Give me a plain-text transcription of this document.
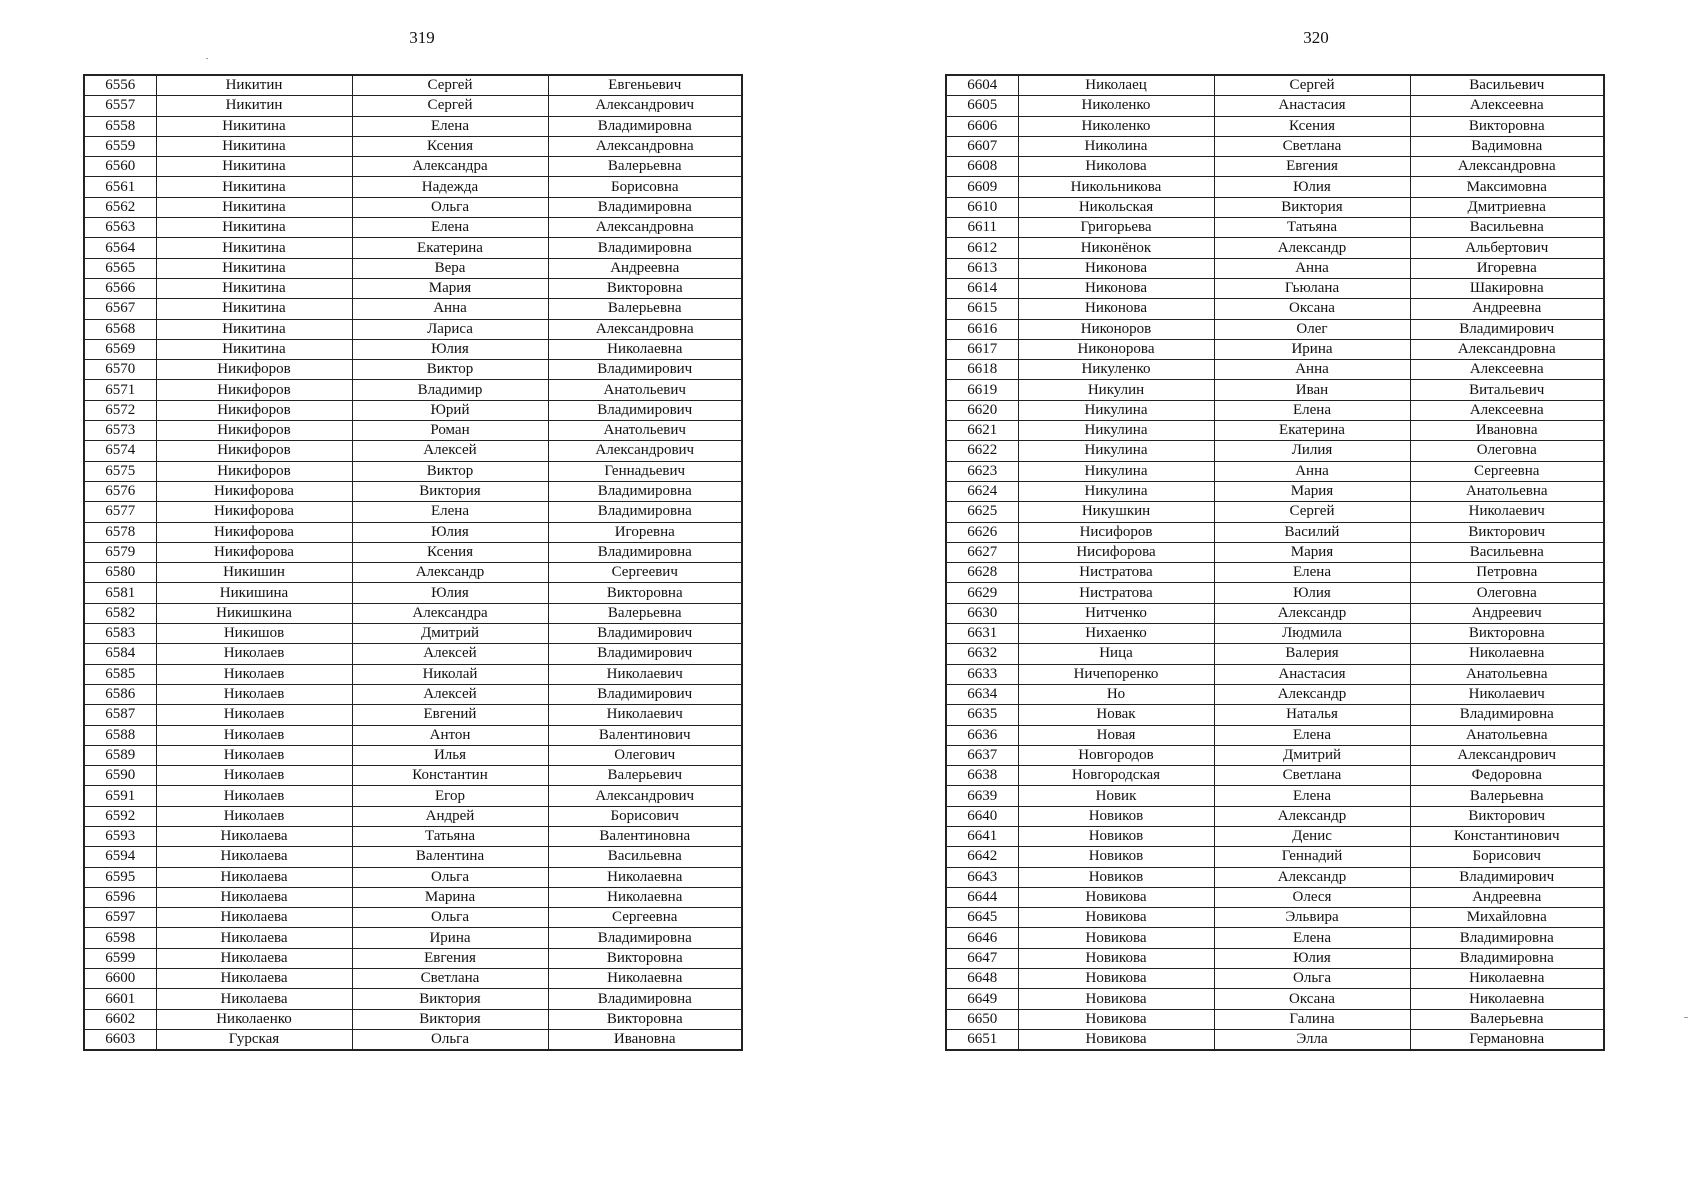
319	320
6556	Никитин	Сергей	Евгеньевич
6557	Никитин	Сергей	Александрович
6558	Никитина	Елена	Владимировна
6559	Никитина	Ксения	Александровна
6560	Никитина	Александра	Валерьевна
6561	Никитина	Надежда	Борисовна
6562	Никитина	Ольга	Владимировна
6563	Никитина	Елена	Александровна
6564	Никитина	Екатерина	Владимировна
6565	Никитина	Вера	Андреевна
6566	Никитина	Мария	Викторовна
6567	Никитина	Анна	Валерьевна
6568	Никитина	Лариса	Александровна
6569	Никитина	Юлия	Николаевна
6570	Никифоров	Виктор	Владимирович
6571	Никифоров	Владимир	Анатольевич
6572	Никифоров	Юрий	Владимирович
6573	Никифоров	Роман	Анатольевич
6574	Никифоров	Алексей	Александрович
6575	Никифоров	Виктор	Геннадьевич
6576	Никифорова	Виктория	Владимировна
6577	Никифорова	Елена	Владимировна
6578	Никифорова	Юлия	Игоревна
6579	Никифорова	Ксения	Владимировна
6580	Никишин	Александр	Сергеевич
6581	Никишина	Юлия	Викторовна
6582	Никишкина	Александра	Валерьевна
6583	Никишов	Дмитрий	Владимирович
6584	Николаев	Алексей	Владимирович
6585	Николаев	Николай	Николаевич
6586	Николаев	Алексей	Владимирович
6587	Николаев	Евгений	Николаевич
6588	Николаев	Антон	Валентинович
6589	Николаев	Илья	Олегович
6590	Николаев	Константин	Валерьевич
6591	Николаев	Егор	Александрович
6592	Николаев	Андрей	Борисович
6593	Николаева	Татьяна	Валентиновна
6594	Николаева	Валентина	Васильевна
6595	Николаева	Ольга	Николаевна
6596	Николаева	Марина	Николаевна
6597	Николаева	Ольга	Сергеевна
6598	Николаева	Ирина	Владимировна
6599	Николаева	Евгения	Викторовна
6600	Николаева	Светлана	Николаевна
6601	Николаева	Виктория	Владимировна
6602	Николаенко	Виктория	Викторовна
6603	Гурская	Ольга	Ивановна
6604	Николаец	Сергей	Васильевич
6605	Николенко	Анастасия	Алексеевна
6606	Николенко	Ксения	Викторовна
6607	Николина	Светлана	Вадимовна
6608	Николова	Евгения	Александровна
6609	Никольникова	Юлия	Максимовна
6610	Никольская	Виктория	Дмитриевна
6611	Григорьева	Татьяна	Васильевна
6612	Никонёнок	Александр	Альбертович
6613	Никонова	Анна	Игоревна
6614	Никонова	Гьюлана	Шакировна
6615	Никонова	Оксана	Андреевна
6616	Никоноров	Олег	Владимирович
6617	Никонорова	Ирина	Александровна
6618	Никуленко	Анна	Алексеевна
6619	Никулин	Иван	Витальевич
6620	Никулина	Елена	Алексеевна
6621	Никулина	Екатерина	Ивановна
6622	Никулина	Лилия	Олеговна
6623	Никулина	Анна	Сергеевна
6624	Никулина	Мария	Анатольевна
6625	Никушкин	Сергей	Николаевич
6626	Нисифоров	Василий	Викторович
6627	Нисифорова	Мария	Васильевна
6628	Нистратова	Елена	Петровна
6629	Нистратова	Юлия	Олеговна
6630	Нитченко	Александр	Андреевич
6631	Нихаенко	Людмила	Викторовна
6632	Ница	Валерия	Николаевна
6633	Ничепоренко	Анастасия	Анатольевна
6634	Но	Александр	Николаевич
6635	Новак	Наталья	Владимировна
6636	Новая	Елена	Анатольевна
6637	Новгородов	Дмитрий	Александрович
6638	Новгородская	Светлана	Федоровна
6639	Новик	Елена	Валерьевна
6640	Новиков	Александр	Викторович
6641	Новиков	Денис	Константинович
6642	Новиков	Геннадий	Борисович
6643	Новиков	Александр	Владимирович
6644	Новикова	Олеся	Андреевна
6645	Новикова	Эльвира	Михайловна
6646	Новикова	Елена	Владимировна
6647	Новикова	Юлия	Владимировна
6648	Новикова	Ольга	Николаевна
6649	Новикова	Оксана	Николаевна
6650	Новикова	Галина	Валерьевна
6651	Новикова	Элла	Германовна
